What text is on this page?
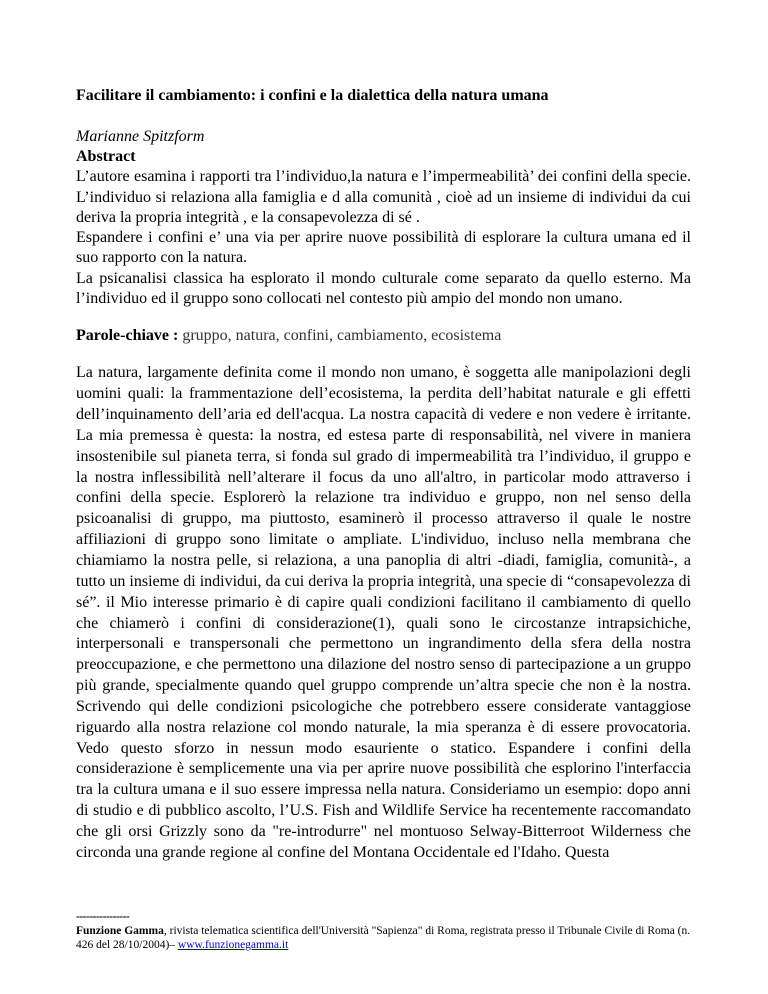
Facilitare il cambiamento: i confini e la dialettica della natura umana

Marianne Spitzform

Abstract

L’autore esamina i rapporti tra l’individuo,la natura e l’impermeabilità’ dei confini della specie. L’individuo si relaziona alla famiglia e d alla comunità , cioè ad un insieme di individui da cui deriva la propria integrità , e la consapevolezza di sé .

Espandere i confini e’ una via per aprire nuove possibilità di esplorare la cultura umana ed il suo rapporto con la natura.

La psicanalisi classica ha esplorato il mondo culturale come separato da quello esterno. Ma l’individuo ed il gruppo sono collocati nel contesto più ampio del mondo non umano.

Parole-chiave : gruppo, natura, confini, cambiamento, ecosistema

La natura, largamente definita come il mondo non umano, è soggetta alle manipolazioni degli uomini quali: la frammentazione dell’ecosistema, la perdita dell’habitat naturale e gli effetti dell’inquinamento dell’aria ed dell'acqua. La nostra capacità di vedere e non vedere è irritante. La mia premessa è questa: la nostra, ed estesa parte di responsabilità, nel vivere in maniera insostenibile sul pianeta terra, si fonda sul grado di impermeabilità tra l’individuo, il gruppo e la nostra inflessibilità nell’alterare il focus da uno all'altro, in particolar modo attraverso i confini della specie. Esplorerò la relazione tra individuo e gruppo, non nel senso della psicoanalisi di gruppo, ma piuttosto, esaminerò il processo attraverso il quale le nostre affiliazioni di gruppo sono limitate o ampliate. L'individuo, incluso nella membrana che chiamiamo la nostra pelle, si relaziona, a una panoplia di altri -diadi, famiglia, comunità-, a tutto un insieme di individui, da cui deriva la propria integrità, una specie di “consapevolezza di sé”. il Mio interesse primario è di capire quali condizioni facilitano il cambiamento di quello che chiamerò i confini di considerazione(1), quali sono le circostanze intrapsichiche, interpersonali e transpersonali che permettono un ingrandimento della sfera della nostra preoccupazione, e che permettono una dilazione del nostro senso di partecipazione a un gruppo più grande, specialmente quando quel gruppo comprende un’altra specie che non è la nostra. Scrivendo qui delle condizioni psicologiche che potrebbero essere considerate vantaggiose riguardo alla nostra relazione col mondo naturale, la mia speranza è di essere provocatoria. Vedo questo sforzo in nessun modo esauriente o statico. Espandere i confini della considerazione è semplicemente una via per aprire nuove possibilità che esplorino l'interfaccia tra la cultura umana e il suo essere impressa nella natura. Consideriamo un esempio: dopo anni di studio e di pubblico ascolto, l’U.S. Fish and Wildlife Service ha recentemente raccomandato che gli orsi Grizzly sono da "re-introdurre" nel montuoso Selway-Bitterroot Wilderness che circonda una grande regione al confine del Montana Occidentale ed l'Idaho. Questa

----------------
Funzione Gamma, rivista telematica scientifica dell'Università "Sapienza" di Roma, registrata presso il Tribunale Civile di Roma (n. 426 del 28/10/2004)– www.funzionegamma.it
